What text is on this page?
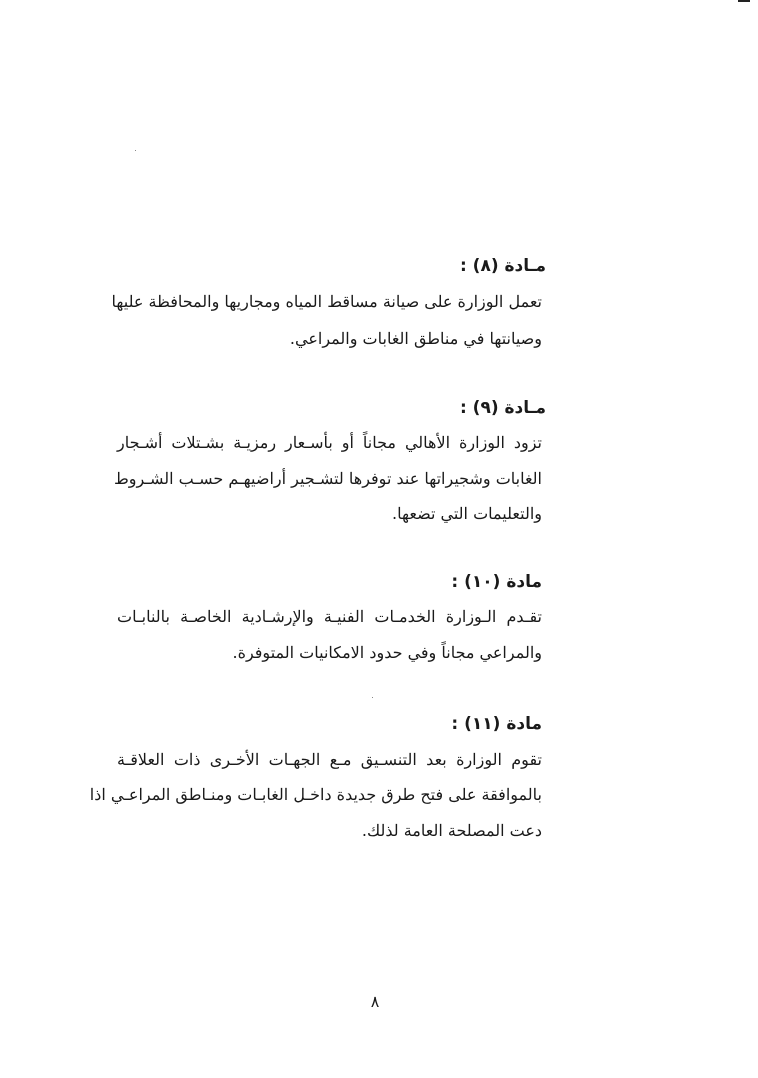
مـادة (٨) :
تعمل الوزارة على صيانة مساقط المياه ومجاريها والمحافظة عليها
وصيانتها في مناطق الغابات والمراعي.
مـادة (٩) :
تزود الوزارة الأهالي مجاناً أو بأسـعار رمزيـة بشـتلات أشـجار
الغابات وشجيراتها عند توفرها لتشـجير أراضيهـم حسـب الشـروط
والتعليمات التي تضعها.
مادة (١٠) :
تقـدم الـوزارة الخدمـات الفنيـة والإرشـادية الخاصـة بالنابـات
والمراعي مجاناً وفي حدود الامكانيات المتوفرة.
مادة (١١) :
تقوم الوزارة بعد التنسـيق مـع الجهـات الأخـرى ذات العلاقـة
بالموافقة على فتح طرق جديدة داخـل الغابـات ومنـاطق المراعـي اذا
دعت المصلحة العامة لذلك.
٨
